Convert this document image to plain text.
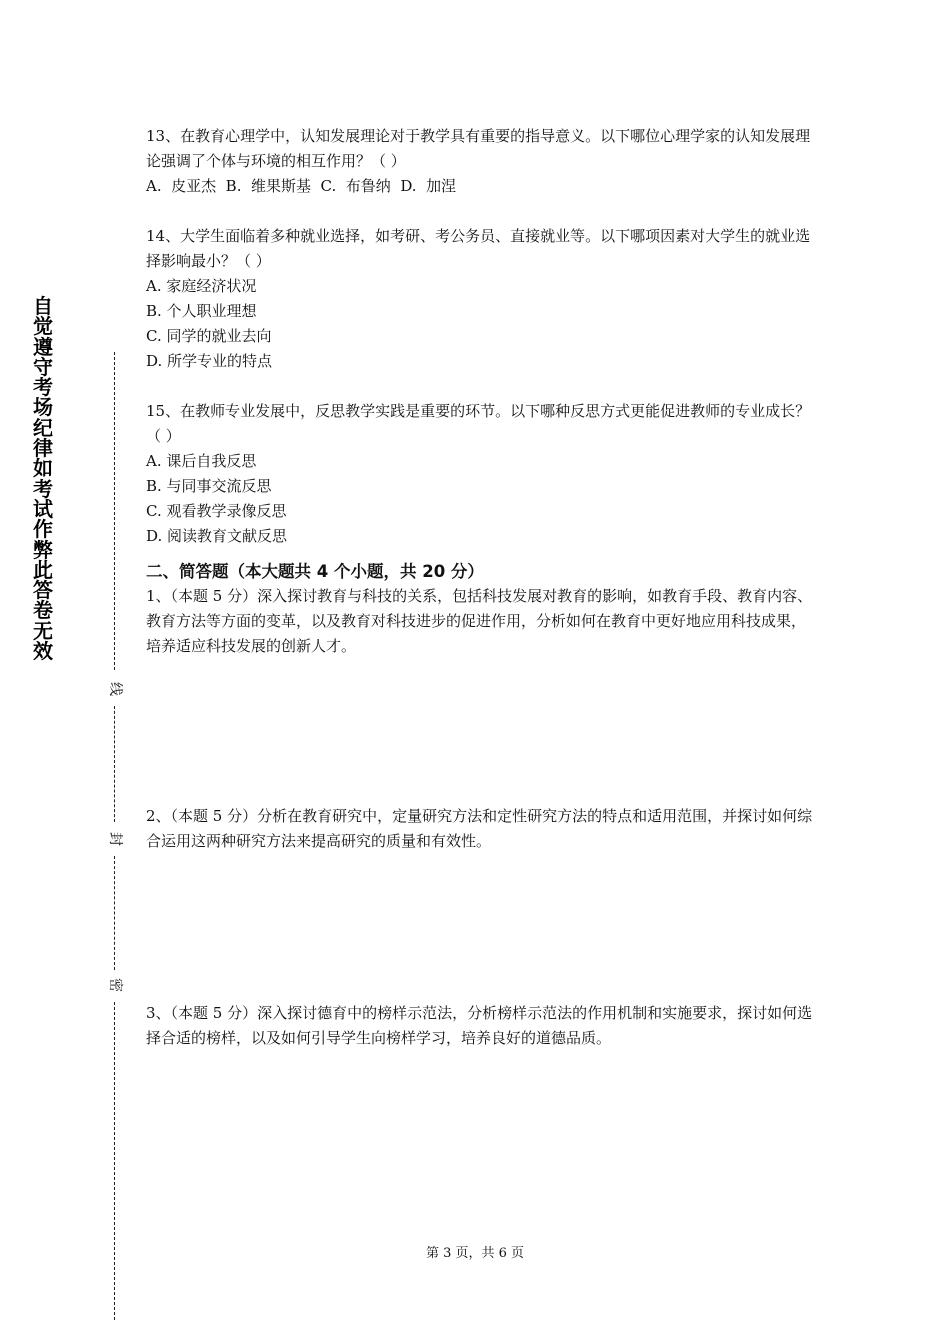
自觉遵守考场纪律如考试作弊此答卷无效
线
封
密

13、在教育心理学中，认知发展理论对于教学具有重要的指导意义。以下哪位心理学家的认知发展理论强调了个体与环境的相互作用？（ ）

A.  皮亚杰  B.  维果斯基  C.  布鲁纳  D.  加涅

14、大学生面临着多种就业选择，如考研、考公务员、直接就业等。以下哪项因素对大学生的就业选择影响最小？（ ）

A. 家庭经济状况

B. 个人职业理想

C. 同学的就业去向

D. 所学专业的特点

15、在教师专业发展中，反思教学实践是重要的环节。以下哪种反思方式更能促进教师的专业成长？（ ）

A. 课后自我反思

B. 与同事交流反思

C. 观看教学录像反思

D. 阅读教育文献反思

二、简答题（本大题共 4 个小题，共 20 分）

1、（本题 5 分）深入探讨教育与科技的关系，包括科技发展对教育的影响，如教育手段、教育内容、教育方法等方面的变革，以及教育对科技进步的促进作用，分析如何在教育中更好地应用科技成果，培养适应科技发展的创新人才。

2、（本题 5 分）分析在教育研究中，定量研究方法和定性研究方法的特点和适用范围，并探讨如何综合运用这两种研究方法来提高研究的质量和有效性。

3、（本题 5 分）深入探讨德育中的榜样示范法，分析榜样示范法的作用机制和实施要求，探讨如何选择合适的榜样，以及如何引导学生向榜样学习，培养良好的道德品质。

第 3 页，共 6 页
